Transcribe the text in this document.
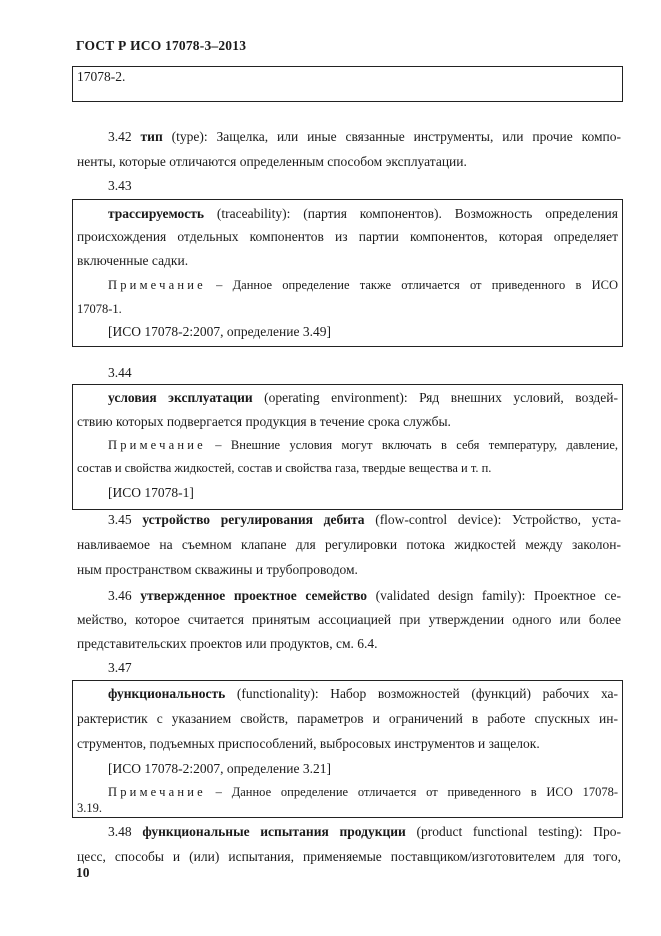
ГОСТ Р ИСО 17078-3–2013
17078-2.
3.42 тип (type): Защелка, или иные связанные инструменты, или прочие компо-
ненты, которые отличаются определенным способом эксплуатации.
3.43
трассируемость (traceability): (партия компонентов). Возможность определения
происхождения отдельных компонентов из партии компонентов, которая определяет
включенные садки.
Примечание – Данное определение также отличается от приведенного в ИСО
17078-1.
[ИСО 17078-2:2007, определение 3.49]
3.44
условия эксплуатации (operating environment): Ряд внешних условий, воздей-
ствию которых подвергается продукция в течение срока службы.
Примечание – Внешние условия могут включать в себя температуру, давление,
состав и свойства жидкостей, состав и свойства газа, твердые вещества и т. п.
[ИСО 17078-1]
3.45 устройство регулирования дебита (flow-control device): Устройство, уста-
навливаемое на съемном клапане для регулировки потока жидкостей между заколон-
ным пространством скважины и трубопроводом.
3.46 утвержденное проектное семейство (validated design family): Проектное се-
мейство, которое считается принятым ассоциацией при утверждении одного или более
представительских проектов или продуктов, см. 6.4.
3.47
функциональность (functionality): Набор возможностей (функций) рабочих ха-
рактеристик с указанием свойств, параметров и ограничений в работе спускных ин-
струментов, подъемных приспособлений, выбросовых инструментов и защелок.
[ИСО 17078-2:2007, определение 3.21]
Примечание – Данное определение отличается от приведенного в ИСО 17078-
3.19.
3.48 функциональные испытания продукции (product functional testing): Про-
цесс, способы и (или) испытания, применяемые поставщиком/изготовителем для того,
10
